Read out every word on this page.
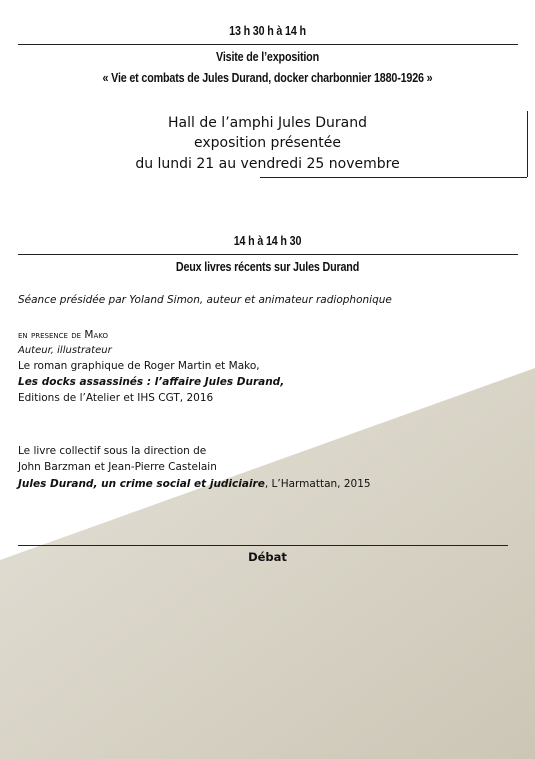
13 h 30 h à 14 h
Visite de l’exposition
« Vie et combats de Jules Durand, docker charbonnier 1880-1926 »
Hall de l’amphi Jules Durand
exposition présentée
du lundi 21 au vendredi 25 novembre
14 h à 14 h 30
Deux livres récents sur Jules Durand
Séance présidée par Yoland Simon, auteur et animateur radiophonique
en presence de Mako
Auteur, illustrateur
Le roman graphique de Roger Martin et Mako,
Les docks assassinés : l’affaire Jules Durand,
Editions de l’Atelier et IHS CGT, 2016
Le livre collectif sous la direction de
John Barzman et Jean-Pierre Castelain
Jules Durand, un crime social et judiciaire, L’Harmattan, 2015
Débat
